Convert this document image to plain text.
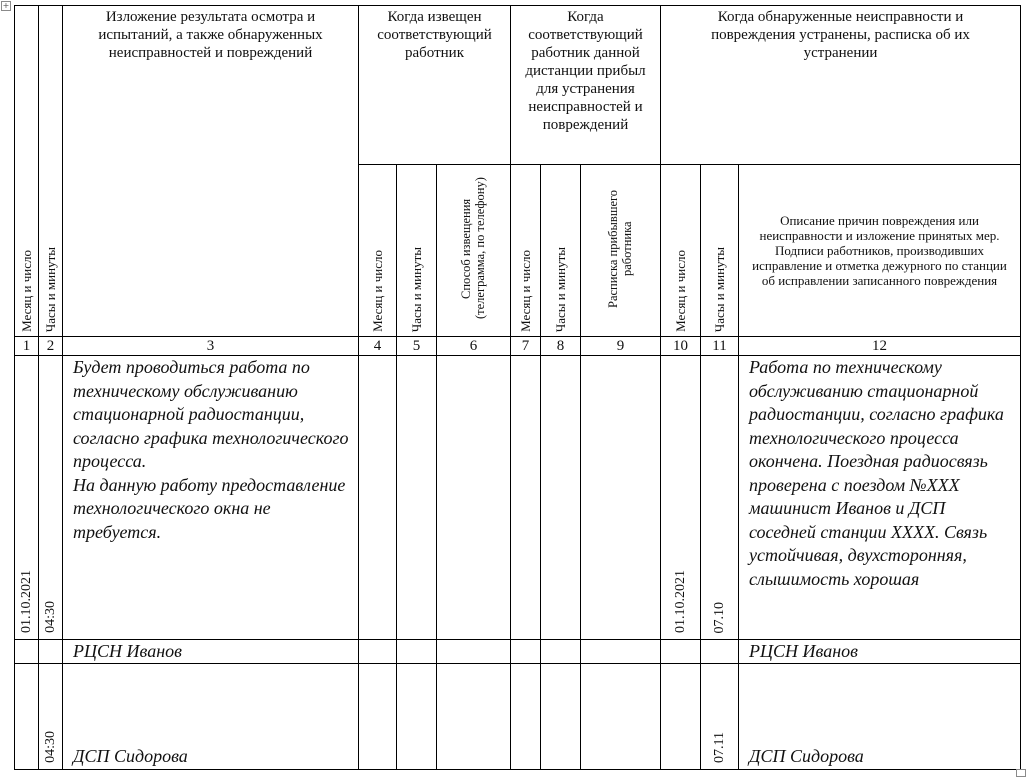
+
Месяц и число	Часы и минуты	Изложение результата осмотра и испытаний, а также обнаруженных неисправностей и повреждений	Когда извещен соответствующий работник			Когда соответствующий работник данной дистанции прибыл для устранения неисправностей и повреждений			Когда обнаруженные неисправности и повреждения устранены, расписка об их устранении		

			Месяц и число	Часы и минуты	Способ извещения (телеграмма, по телефону)	Месяц и число	Часы и минуты	Расписка прибывшего работника	Месяц и число	Часы и минуты	Описание причин повреждения или неисправности и изложение принятых мер. Подписи работников, производивших исправление и отметка дежурного по станции об исправлении записанного повреждения
1	2	3	4	5	6	7	8	9	10	11	12

01.10.2021	04:30	Будет проводиться работа по техническому обслуживанию стационарной радиостанции, согласно графика технологического процесса.
На данную работу предоставление технологического окна не требуется.							01.10.2021	07.10	Работа по техническому обслуживанию стационарной радиостанции, согласно графика технологического процесса окончена. Поездная радиосвязь проверена с поездом №ХХХ машинист Иванов и ДСП соседней станции ХХХХ. Связь устойчивая, двухсторонняя, слышимость хорошая
		РЦСН Иванов									РЦСН Иванов

	04:30	ДСП Сидорова								07.11	ДСП Сидорова
